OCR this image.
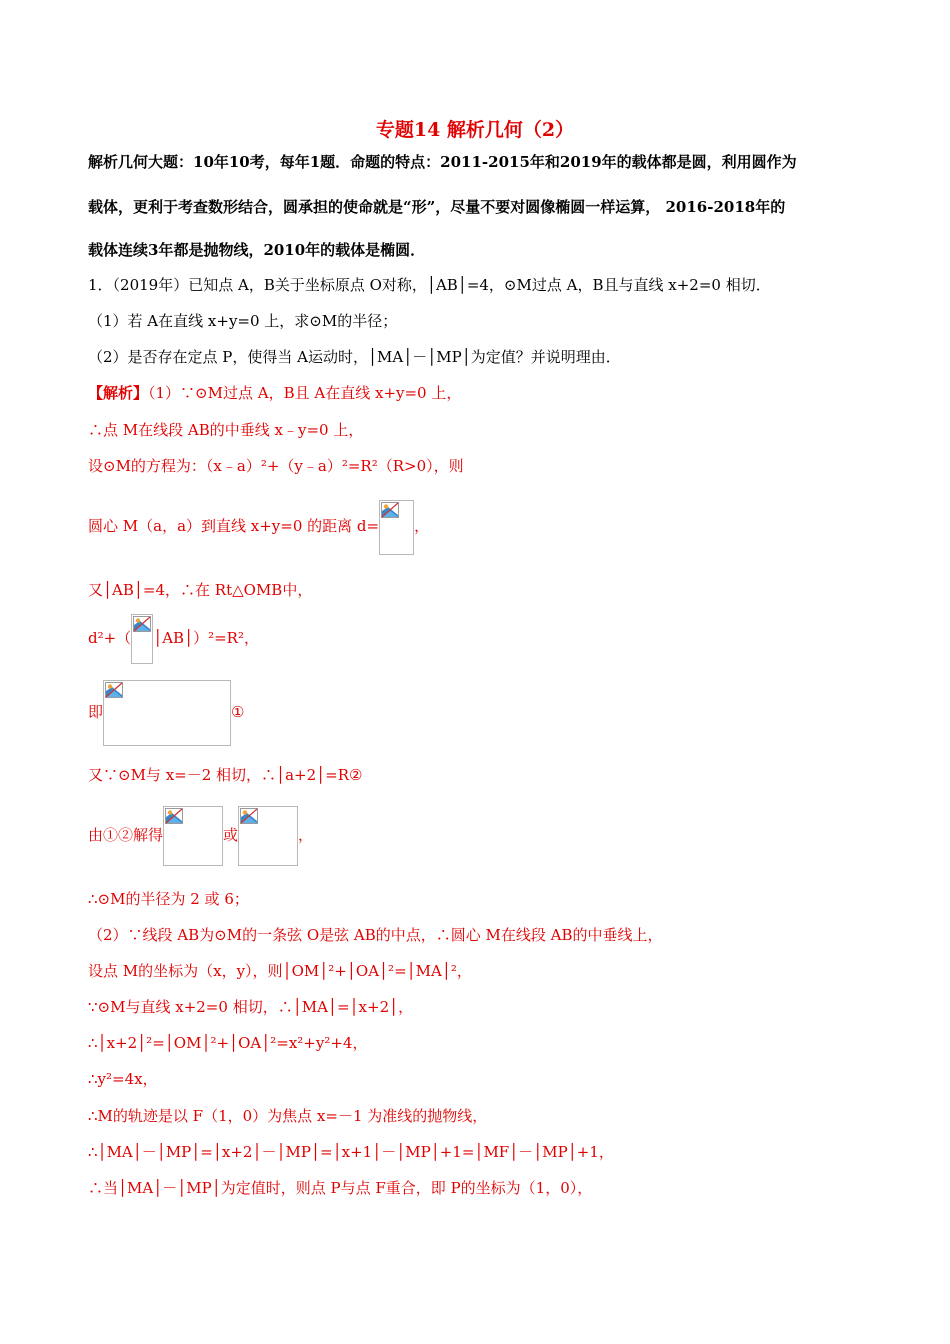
专题14 解析几何（2）
解析几何大题：10年10考，每年1题．命题的特点：2011-2015年和2019年的载体都是圆，利用圆作为
载体，更利于考查数形结合，圆承担的使命就是“形”，尽量不要对圆像椭圆一样运算， 2016-2018年的
载体连续3年都是抛物线，2010年的载体是椭圆．
1．（2019年）已知点 A，B关于坐标原点 O对称，│AB│=4，⊙M过点 A，B且与直线 x+2=0 相切．
（1）若 A在直线 x+y=0 上，求⊙M的半径；
（2）是否存在定点 P，使得当 A运动时，│MA│－│MP│为定值？并说明理由．
【解析】（1）∵⊙M过点 A，B且 A在直线 x+y=0 上，
∴点 M在线段 AB的中垂线 x﹣y=0 上，
设⊙M的方程为：（x﹣a）²+（y﹣a）²=R²（R>0），则
圆心 M（a，a）到直线 x+y=0 的距离 d= ，
又│AB│=4，∴在 Rt△OMB中，
d²+（ │AB│）²=R²，
即	①
又∵⊙M与 x=－2 相切，∴│a+2│=R②
由①②解得	或	，
∴⊙M的半径为 2 或 6；
（2）∵线段 AB为⊙M的一条弦 O是弦 AB的中点，∴圆心 M在线段 AB的中垂线上，
设点 M的坐标为（x，y），则│OM│²+│OA│²=│MA│²，
∵⊙M与直线 x+2=0 相切，∴│MA│=│x+2│，
∴│x+2│²=│OM│²+│OA│²=x²+y²+4，
∴y²=4x，
∴M的轨迹是以 F（1，0）为焦点 x=－1 为准线的抛物线，
∴│MA│－│MP│=│x+2│－│MP│=│x+1│－│MP│+1=│MF│－│MP│+1，
∴当│MA│－│MP│为定值时，则点 P与点 F重合，即 P的坐标为（1，0），
